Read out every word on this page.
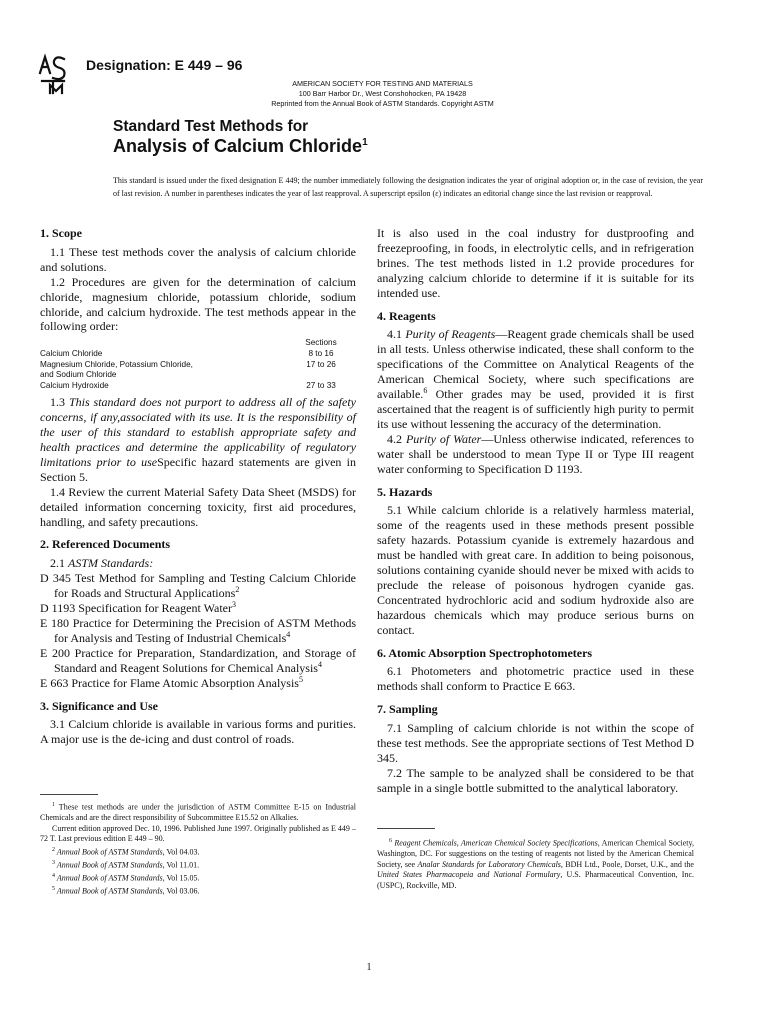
Designation: E 449 – 96
AMERICAN SOCIETY FOR TESTING AND MATERIALS
100 Barr Harbor Dr., West Conshohocken, PA 19428
Reprinted from the Annual Book of ASTM Standards. Copyright ASTM
Standard Test Methods for
Analysis of Calcium Chloride$^1$
This standard is issued under the fixed designation E 449; the number immediately following the designation indicates the year of original adoption or, in the case of revision, the year of last revision. A number in parentheses indicates the year of last reapproval. A superscript epsilon (ε) indicates an editorial change since the last revision or reapproval.
1. Scope

1.1 These test methods cover the analysis of calcium chloride and solutions.

1.2 Procedures are given for the determination of calcium chloride, magnesium chloride, potassium chloride, sodium chloride, and calcium hydroxide. The test methods appear in the following order:

	Sections
Calcium Chloride	8 to 16
Magnesium Chloride, Potassium Chloride,	17 to 26
and Sodium Chloride	
Calcium Hydroxide	27 to 33

1.3 This standard does not purport to address all of the safety concerns, if any,associated with its use. It is the responsibility of the user of this standard to establish appropriate safety and health practices and determine the applicability of regulatory limitations prior to useSpecific hazard statements are given in Section 5.

1.4 Review the current Material Safety Data Sheet (MSDS) for detailed information concerning toxicity, first aid procedures, handling, and safety precautions.

2. Referenced Documents

2.1 ASTM Standards:

D 345 Test Method for Sampling and Testing Calcium Chloride for Roads and Structural Applications$^2$
D 1193 Specification for Reagent Water$^3$
E 180 Practice for Determining the Precision of ASTM Methods for Analysis and Testing of Industrial Chemicals$^4$
E 200 Practice for Preparation, Standardization, and Storage of Standard and Reagent Solutions for Chemical Analysis$^4$
E 663 Practice for Flame Atomic Absorption Analysis$^5$
3. Significance and Use

3.1 Calcium chloride is available in various forms and purities. A major use is the de-icing and dust control of roads.

It is also used in the coal industry for dustproofing and freezeproofing, in foods, in electrolytic cells, and in refrigeration brines. The test methods listed in 1.2 provide procedures for analyzing calcium chloride to determine if it is suitable for its intended use.

4. Reagents

4.1 Purity of Reagents—Reagent grade chemicals shall be used in all tests. Unless otherwise indicated, these shall conform to the specifications of the Committee on Analytical Reagents of the American Chemical Society, where such specifications are available.$^6$ Other grades may be used, provided it is first ascertained that the reagent is of sufficiently high purity to permit its use without lessening the accuracy of the determination.

4.2 Purity of Water—Unless otherwise indicated, references to water shall be understood to mean Type II or Type III reagent water conforming to Specification D 1193.

5. Hazards

5.1 While calcium chloride is a relatively harmless material, some of the reagents used in these methods present possible safety hazards. Potassium cyanide is extremely hazardous and must be handled with great care. In addition to being poisonous, solutions containing cyanide should never be mixed with acids to preclude the release of poisonous hydrogen cyanide gas. Concentrated hydrochloric acid and sodium hydroxide also are hazardous chemicals which may produce serious burns on contact.

6. Atomic Absorption Spectrophotometers

6.1 Photometers and photometric practice used in these methods shall conform to Practice E 663.

7. Sampling

7.1 Sampling of calcium chloride is not within the scope of these test methods. See the appropriate sections of Test Method D 345.

7.2 The sample to be analyzed shall be considered to be that sample in a single bottle submitted to the analytical laboratory.

$^1$ These test methods are under the jurisdiction of ASTM Committee E-15 on Industrial Chemicals and are the direct responsibility of Subcommittee E15.52 on Alkalies.

Current edition approved Dec. 10, 1996. Published June 1997. Originally published as E 449 – 72 T. Last previous edition E 449 – 90.

$^2$ Annual Book of ASTM Standards, Vol 04.03.

$^3$ Annual Book of ASTM Standards, Vol 11.01.

$^4$ Annual Book of ASTM Standards, Vol 15.05.

$^5$ Annual Book of ASTM Standards, Vol 03.06.

$^6$ Reagent Chemicals, American Chemical Society Specifications, American Chemical Society, Washington, DC. For suggestions on the testing of reagents not listed by the American Chemical Society, see Analar Standards for Laboratory Chemicals, BDH Ltd., Poole, Dorset, U.K., and the United States Pharmacopeia and National Formulary, U.S. Pharmaceutical Convention, Inc. (USPC), Rockville, MD.

1
